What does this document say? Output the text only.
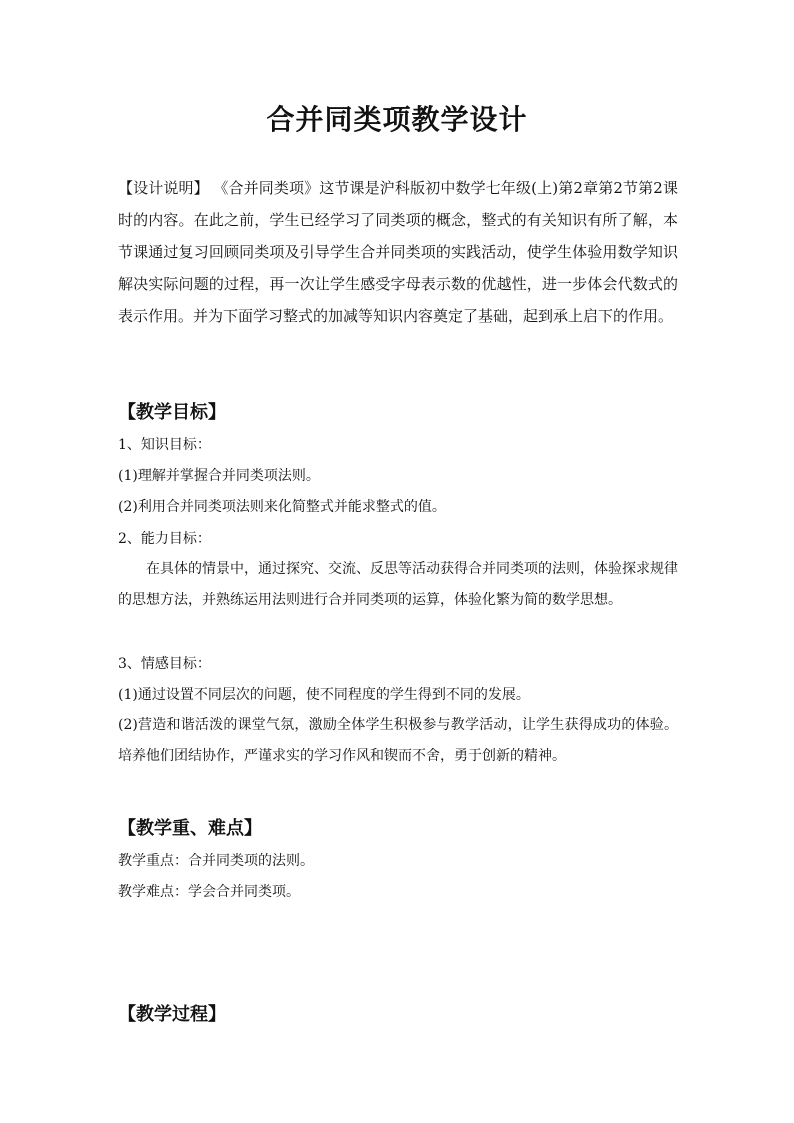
合并同类项教学设计
【设计说明】 《合并同类项》这节课是沪科版初中数学七年级(上)第2章第2节第2课时的内容。在此之前，学生已经学习了同类项的概念，整式的有关知识有所了解，本节课通过复习回顾同类项及引导学生合并同类项的实践活动，使学生体验用数学知识解决实际问题的过程，再一次让学生感受字母表示数的优越性，进一步体会代数式的表示作用。并为下面学习整式的加减等知识内容奠定了基础，起到承上启下的作用。
【教学目标】
1、知识目标：
(1)理解并掌握合并同类项法则。
(2)利用合并同类项法则来化简整式并能求整式的值。
2、能力目标：
在具体的情景中，通过探究、交流、反思等活动获得合并同类项的法则，体验探求规律的思想方法，并熟练运用法则进行合并同类项的运算，体验化繁为简的数学思想。
3、情感目标：
(1)通过设置不同层次的问题，使不同程度的学生得到不同的发展。
(2)营造和谐活泼的课堂气氛，激励全体学生积极参与教学活动，让学生获得成功的体验。培养他们团结协作，严谨求实的学习作风和锲而不舍，勇于创新的精神。
【教学重、难点】
教学重点：合并同类项的法则。
教学难点：学会合并同类项。
【教学过程】
